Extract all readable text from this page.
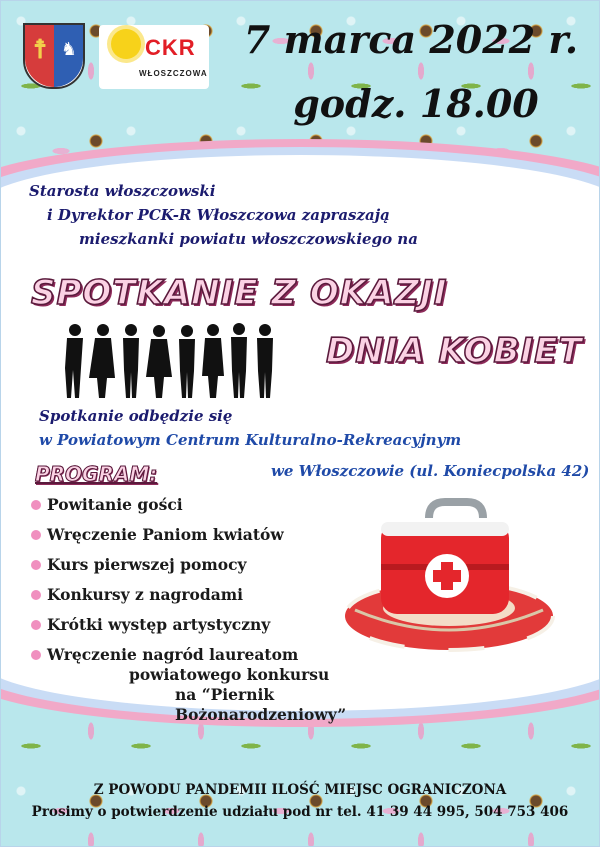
☨ ♞	CKR
WŁOSZCZOWA
7 marca 2022 r.
godz. 18.00
Starosta włoszczowski
i Dyrektor PCK-R Włoszczowa zapraszają
mieszkanki powiatu włoszczowskiego na
SPOTKANIE Z OKAZJI
DNIA KOBIET
Spotkanie odbędzie się
w Powiatowym Centrum Kulturalno-Rekreacyjnym
we Włoszczowie (ul. Koniecpolska 42)
PROGRAM:
Powitanie gości
Wręczenie Paniom kwiatów
Kurs pierwszej pomocy
Konkursy z nagrodami
Krótki występ artystyczny
Wręczenie nagród laureatom
powiatowego konkursu
na “Piernik Bożonarodzeniowy”
Z POWODU PANDEMII ILOŚĆ MIEJSC OGRANICZONA
Prosimy o potwierdzenie udziału pod nr tel. 41 39 44 995, 504 753 406
